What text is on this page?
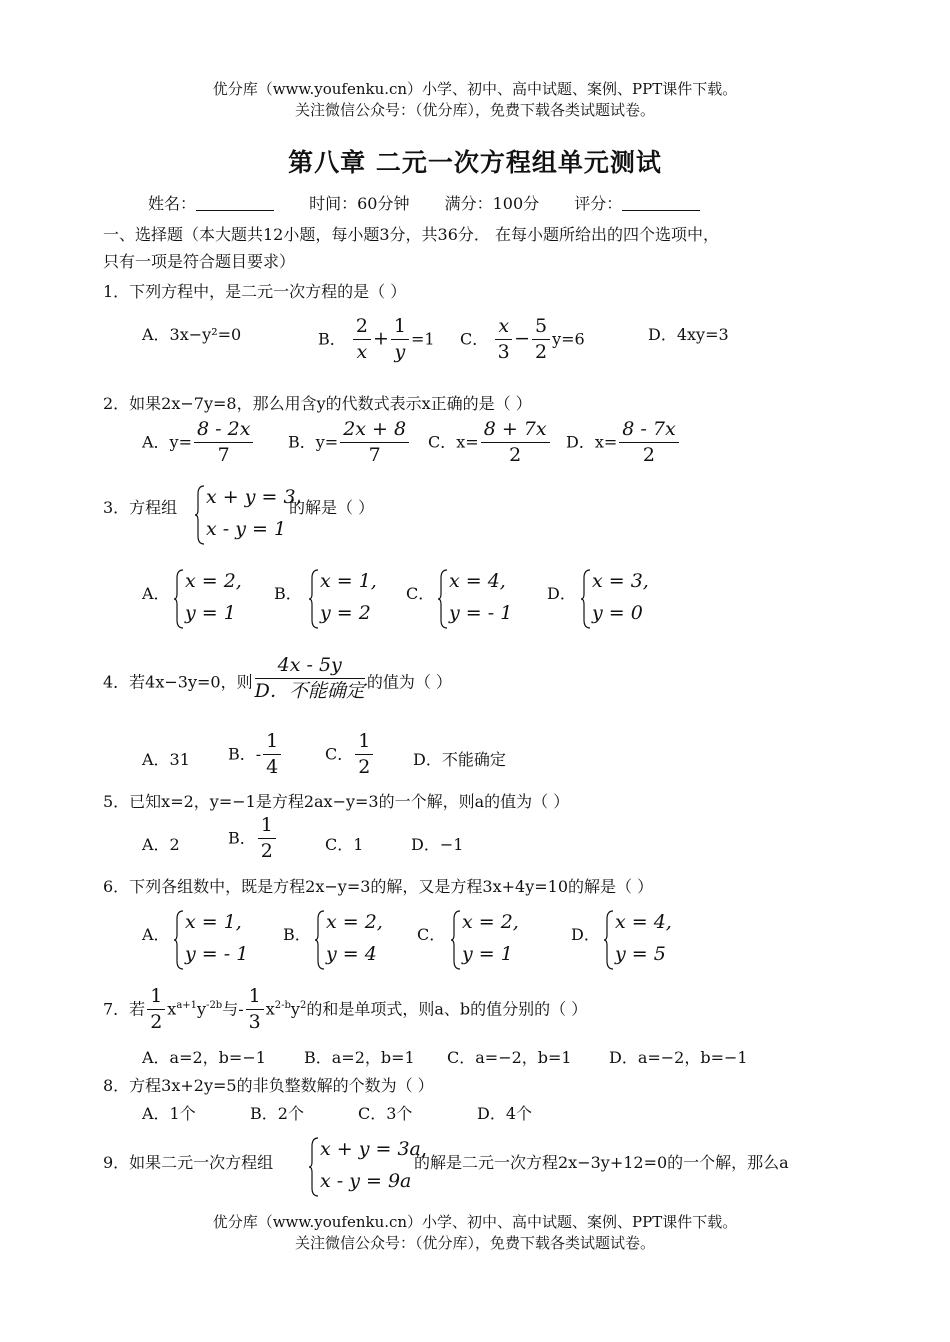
优分库（www.youfenku.cn）小学、初中、高中试题、案例、PPT课件下载。
关注微信公众号：（优分库），免费下载各类试题试卷。
第八章 二元一次方程组单元测试
姓名：	时间：60分钟 满分：100分 评分：
一、选择题（本大题共12小题，每小题3分，共36分． 在每小题所给出的四个选项中，
只有一项是符合题目要求）
1．下列方程中，是二元一次方程的是（ ）
A．3x−y²=0	B． $\frac{2}{x} + \frac{1}{y} =1$ C． $\frac{x}{3} - \frac{5}{2} y=6$	D．4xy=3
2．如果2x−7y=8，那么用含y的代数式表示x正确的是（ ）
A．$y= \frac{8 - 2x}{7}$ B．$y= \frac{2x + 8}{7}$ C．$x= \frac{8 + 7x}{2}$ D．$x= \frac{8 - 7x}{2}$
3．方程组 x + y = 3,
x - y = 1
的解是（ ）
A．
x = 2,
y = 1
B．
x = 1,
y = 2
C．
x = 4,
y = - 1
D．
x = 3,
y = 0
4．若4x−3y=0，则 $\frac{4x - 5y}{\text{D．不能确定}}$ 的值为（ ）
A．31 B．- $\frac{1}{4}$	C． $\frac{1}{2}$ D．不能确定
5．已知x=2，y=−1是方程2ax−y=3的一个解，则a的值为（ ）
A．2	B． $\frac{1}{2}$	C．1	D．−1
6．下列各组数中，既是方程2x−y=3的解，又是方程3x+4y=10的解是（ ）
A．
x = 1,
y = - 1
B．
x = 2,
y = 4
C．
x = 2,
y = 1
D．
x = 4,
y = 5
7．若 $\frac{1}{2} x^{a+1}y^{-2b}$与- $\frac{1}{3} x^{2-b}y^2$的和是单项式，则a、b的值分别的（ ）
A．a=2，b=−1 B．a=2，b=1 C．a=−2，b=1 D．a=−2，b=−1
8．方程3x+2y=5的非负整数解的个数为（ ）
A．1个	B．2个	C．3个	D．4个
9．如果二元一次方程组
x + y = 3a,
x - y = 9a
的解是二元一次方程2x−3y+12=0的一个解，那么a
优分库（www.youfenku.cn）小学、初中、高中试题、案例、PPT课件下载。
关注微信公众号：（优分库），免费下载各类试题试卷。
